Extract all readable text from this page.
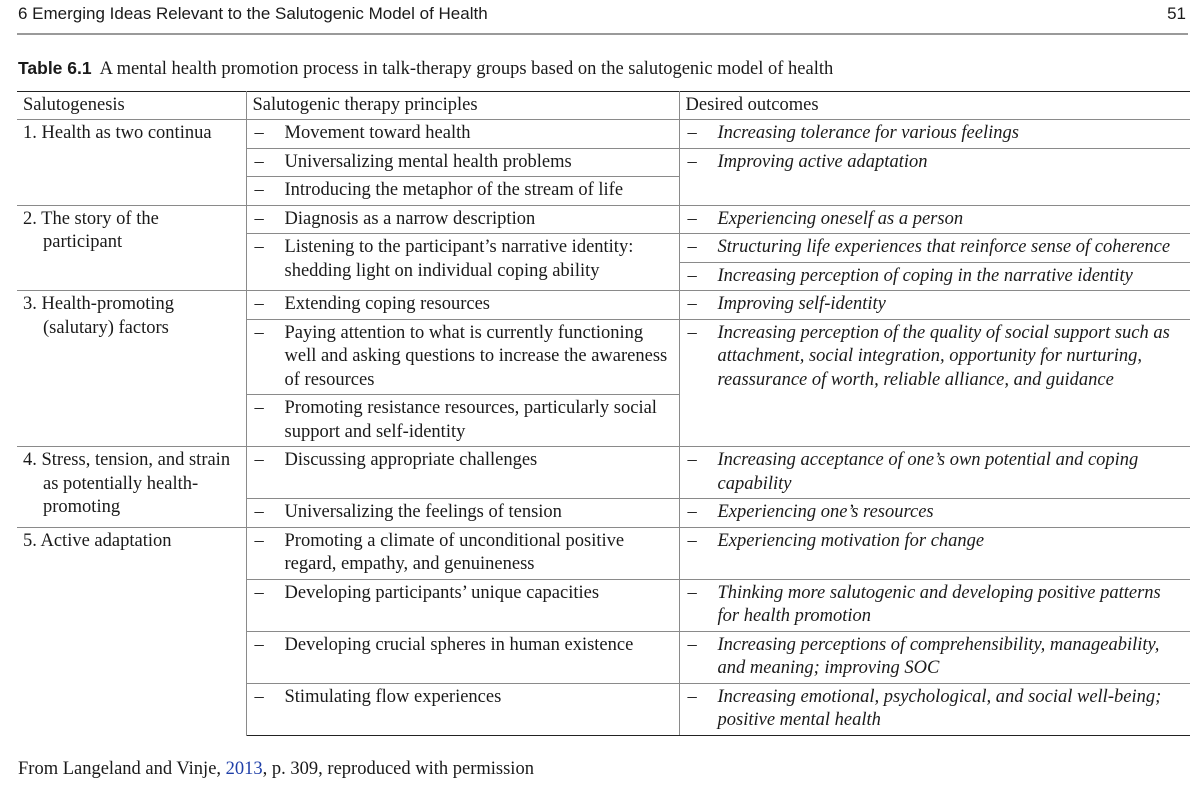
6 Emerging Ideas Relevant to the Salutogenic Model of Health	51
Table 6.1 A mental health promotion process in talk-therapy groups based on the salutogenic model of health
Salutogenesis	Salutogenic therapy principles	Desired outcomes

1. Health as two continua	– Movement toward health	– Increasing tolerance for various feelings

	– Universalizing mental health problems	– Improving active adaptation

	– Introducing the metaphor of the stream of life	

2. The story of the participant	– Diagnosis as a narrow description	– Experiencing oneself as a person

	– Listening to the participant’s narrative identity: shedding light on individual coping ability	– Structuring life experiences that reinforce sense of coherence

		– Increasing perception of coping in the narrative identity

3. Health-promoting (salutary) factors	– Extending coping resources	– Improving self-identity

	– Paying attention to what is currently functioning well and asking questions to increase the awareness of resources	– Increasing perception of the quality of social support such as attachment, social integration, opportunity for nurturing, reassurance of worth, reliable alliance, and guidance

	– Promoting resistance resources, particularly social support and self-identity	

4. Stress, tension, and strain as potentially health-promoting	– Discussing appropriate challenges	– Increasing acceptance of one’s own potential and coping capability

	– Universalizing the feelings of tension	– Experiencing one’s resources

5. Active adaptation	– Promoting a climate of unconditional positive regard, empathy, and genuineness	– Experiencing motivation for change

	– Developing participants’ unique capacities	– Thinking more salutogenic and developing positive patterns for health promotion

	– Developing crucial spheres in human existence	– Increasing perceptions of comprehensibility, manageability, and meaning; improving SOC

	– Stimulating flow experiences	– Increasing emotional, psychological, and social well-being; positive mental health
From Langeland and Vinje, 2013, p. 309, reproduced with permission
